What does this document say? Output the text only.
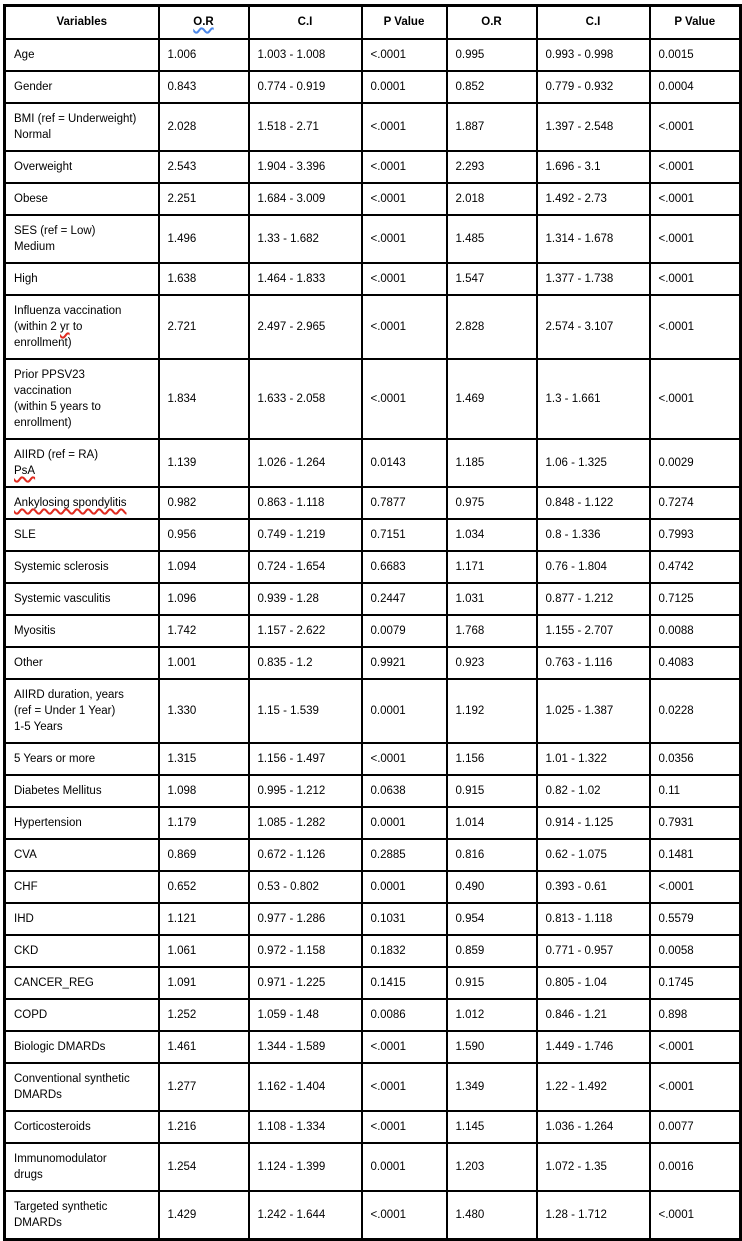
Variables	O.R	C.I	P Value	O.R	C.I	P Value

Age	1.006	1.003 - 1.008	<.0001	0.995	0.993 - 0.998	0.0015

Gender	0.843	0.774 - 0.919	0.0001	0.852	0.779 - 0.932	0.0004

BMI (ref = Underweight)
Normal	2.028	1.518 - 2.71	<.0001	1.887	1.397 - 2.548	<.0001

Overweight	2.543	1.904 - 3.396	<.0001	2.293	1.696 - 3.1	<.0001

Obese	2.251	1.684 - 3.009	<.0001	2.018	1.492 - 2.73	<.0001

SES (ref = Low)
Medium	1.496	1.33 - 1.682	<.0001	1.485	1.314 - 1.678	<.0001

High	1.638	1.464 - 1.833	<.0001	1.547	1.377 - 1.738	<.0001

Influenza vaccination
(within 2 yr to
enrollment)	2.721	2.497 - 2.965	<.0001	2.828	2.574 - 3.107	<.0001

Prior PPSV23
vaccination
(within 5 years to
enrollment)	1.834	1.633 - 2.058	<.0001	1.469	1.3 - 1.661	<.0001

AIIRD (ref = RA)
PsA	1.139	1.026 - 1.264	0.0143	1.185	1.06 - 1.325	0.0029

Ankylosing spondylitis	0.982	0.863 - 1.118	0.7877	0.975	0.848 - 1.122	0.7274

SLE	0.956	0.749 - 1.219	0.7151	1.034	0.8 - 1.336	0.7993

Systemic sclerosis	1.094	0.724 - 1.654	0.6683	1.171	0.76 - 1.804	0.4742

Systemic vasculitis	1.096	0.939 - 1.28	0.2447	1.031	0.877 - 1.212	0.7125

Myositis	1.742	1.157 - 2.622	0.0079	1.768	1.155 - 2.707	0.0088

Other	1.001	0.835 - 1.2	0.9921	0.923	0.763 - 1.116	0.4083

AIIRD duration, years
(ref = Under 1 Year)
1-5 Years	1.330	1.15 - 1.539	0.0001	1.192	1.025 - 1.387	0.0228

5 Years or more	1.315	1.156 - 1.497	<.0001	1.156	1.01 - 1.322	0.0356

Diabetes Mellitus	1.098	0.995 - 1.212	0.0638	0.915	0.82 - 1.02	0.11

Hypertension	1.179	1.085 - 1.282	0.0001	1.014	0.914 - 1.125	0.7931

CVA	0.869	0.672 - 1.126	0.2885	0.816	0.62 - 1.075	0.1481

CHF	0.652	0.53 - 0.802	0.0001	0.490	0.393 - 0.61	<.0001

IHD	1.121	0.977 - 1.286	0.1031	0.954	0.813 - 1.118	0.5579

CKD	1.061	0.972 - 1.158	0.1832	0.859	0.771 - 0.957	0.0058

CANCER_REG	1.091	0.971 - 1.225	0.1415	0.915	0.805 - 1.04	0.1745

COPD	1.252	1.059 - 1.48	0.0086	1.012	0.846 - 1.21	0.898

Biologic DMARDs	1.461	1.344 - 1.589	<.0001	1.590	1.449 - 1.746	<.0001

Conventional synthetic
DMARDs	1.277	1.162 - 1.404	<.0001	1.349	1.22 - 1.492	<.0001

Corticosteroids	1.216	1.108 - 1.334	<.0001	1.145	1.036 - 1.264	0.0077

Immunomodulator
drugs	1.254	1.124 - 1.399	0.0001	1.203	1.072 - 1.35	0.0016

Targeted synthetic
DMARDs	1.429	1.242 - 1.644	<.0001	1.480	1.28 - 1.712	<.0001
